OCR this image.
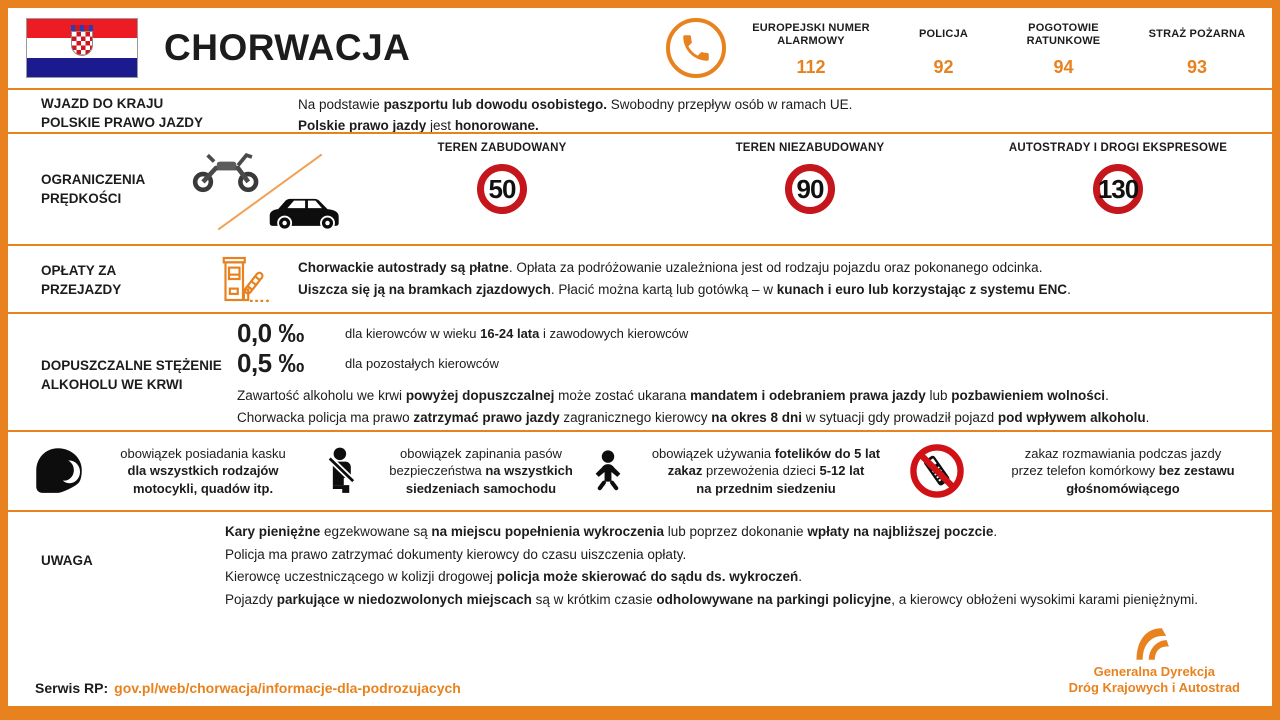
CHORWACJA	EUROPEJSKI NUMER ALARMOWY
112
POLICJA
92
POGOTOWIE RATUNKOWE
94
STRAŻ POŻARNA
93
WJAZD DO KRAJU
POLSKIE PRAWO JAZDY
Na podstawie paszportu lub dowodu osobistego. Swobodny przepływ osób w ramach UE.
Polskie prawo jazdy jest honorowane.
OGRANICZENIA
PRĘDKOŚCI
TEREN ZABUDOWANY
50
TEREN NIEZABUDOWANY
90
AUTOSTRADY I DROGI EKSPRESOWE
130
OPŁATY ZA
PRZEJAZDY
Chorwackie autostrady są płatne. Opłata za podróżowanie uzależniona jest od rodzaju pojazdu oraz pokonanego odcinka.
Uiszcza się ją na bramkach zjazdowych. Płacić można kartą lub gotówką – w kunach i euro lub korzystając z systemu ENC.
DOPUSZCZALNE STĘŻENIE
ALKOHOLU WE KRWI
0,0 ‰	dla kierowców w wieku 16-24 lata i zawodowych kierowców
0,5 ‰	dla pozostałych kierowców
Zawartość alkoholu we krwi powyżej dopuszczalnej może zostać ukarana mandatem i odebraniem prawa jazdy lub pozbawieniem wolności.
Chorwacka policja ma prawo zatrzymać prawo jazdy zagranicznego kierowcy na okres 8 dni w sytuacji gdy prowadził pojazd pod wpływem alkoholu.
obowiązek posiadania kasku
dla wszystkich rodzajów
motocykli, quadów itp.
obowiązek zapinania pasów
bezpieczeństwa na wszystkich
siedzeniach samochodu
obowiązek używania fotelików do 5 lat
zakaz przewożenia dzieci 5-12 lat
na przednim siedzeniu
zakaz rozmawiania podczas jazdy
przez telefon komórkowy bez zestawu
głośnomówiącego
UWAGA
Kary pieniężne egzekwowane są na miejscu popełnienia wykroczenia lub poprzez dokonanie wpłaty na najbliższej poczcie.
Policja ma prawo zatrzymać dokumenty kierowcy do czasu uiszczenia opłaty.
Kierowcę uczestniczącego w kolizji drogowej policja może skierować do sądu ds. wykroczeń.
Pojazdy parkujące w niedozwolonych miejscach są w krótkim czasie odholowywane na parkingi policyjne, a kierowcy obłożeni wysokimi karami pieniężnymi.
Serwis RP: gov.pl/web/chorwacja/informacje-dla-podrozujacych
Generalna Dyrekcja
Dróg Krajowych i Autostrad
